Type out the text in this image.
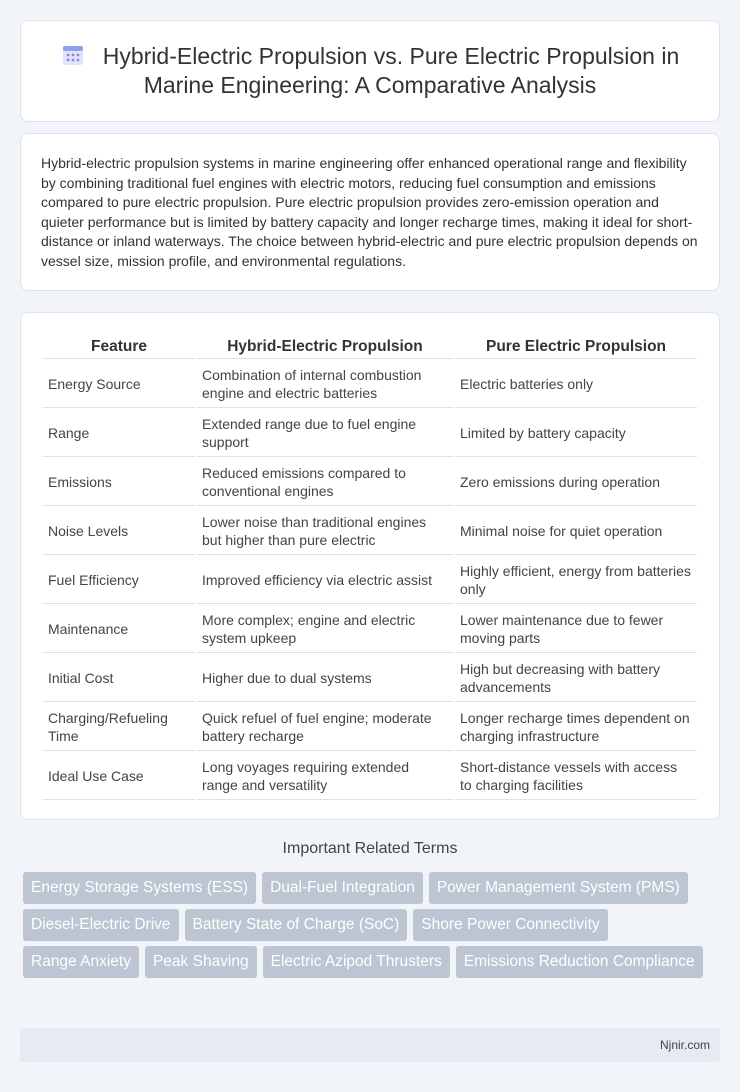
Hybrid-Electric Propulsion vs. Pure Electric Propulsion in Marine Engineering: A Comparative Analysis

Hybrid-electric propulsion systems in marine engineering offer enhanced operational range and flexibility by combining traditional fuel engines with electric motors, reducing fuel consumption and emissions compared to pure electric propulsion. Pure electric propulsion provides zero-emission operation and quieter performance but is limited by battery capacity and longer recharge times, making it ideal for short-distance or inland waterways. The choice between hybrid-electric and pure electric propulsion depends on vessel size, mission profile, and environmental regulations.

Feature	Hybrid-Electric Propulsion	Pure Electric Propulsion
Energy Source	Combination of internal combustion engine and electric batteries	Electric batteries only
Range	Extended range due to fuel engine support	Limited by battery capacity
Emissions	Reduced emissions compared to conventional engines	Zero emissions during operation
Noise Levels	Lower noise than traditional engines but higher than pure electric	Minimal noise for quiet operation
Fuel Efficiency	Improved efficiency via electric assist	Highly efficient, energy from batteries only
Maintenance	More complex; engine and electric system upkeep	Lower maintenance due to fewer moving parts
Initial Cost	Higher due to dual systems	High but decreasing with battery advancements
Charging/Refueling Time	Quick refuel of fuel engine; moderate battery recharge	Longer recharge times dependent on charging infrastructure
Ideal Use Case	Long voyages requiring extended range and versatility	Short-distance vessels with access to charging facilities
Important Related Terms
Energy Storage Systems (ESS)	Dual-Fuel Integration	Power Management System (PMS)
Diesel-Electric Drive	Battery State of Charge (SoC)	Shore Power Connectivity
Range Anxiety	Peak Shaving	Electric Azipod Thrusters	Emissions Reduction Compliance
Njnir.com
